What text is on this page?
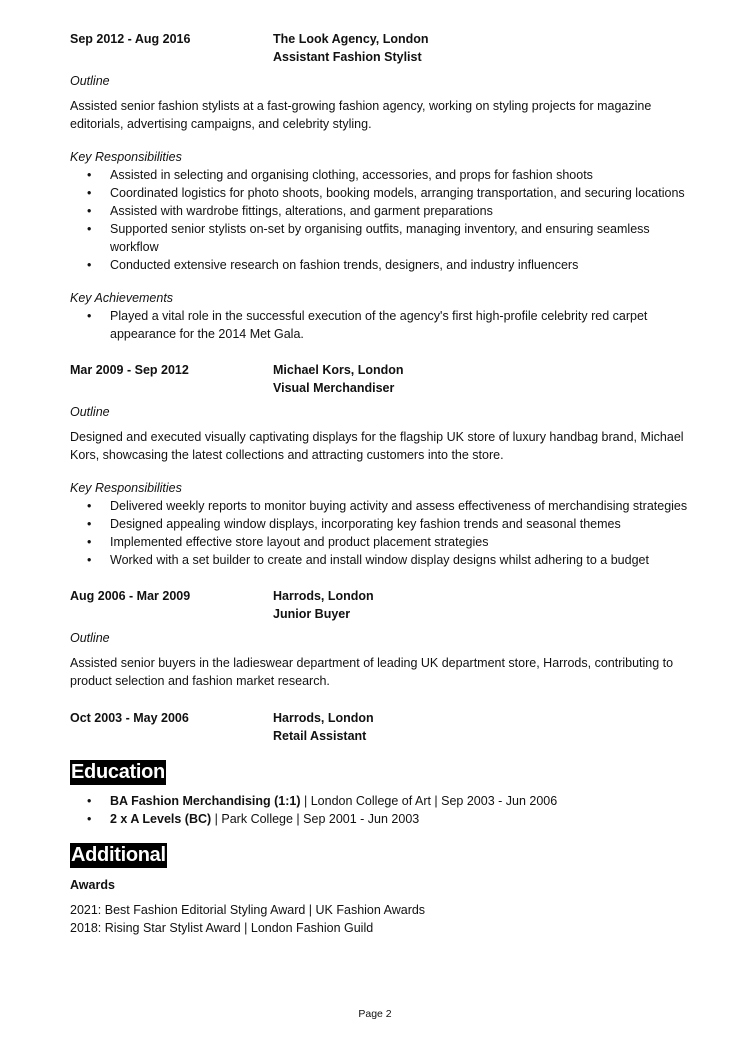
Sep 2012 - Aug 2016	The Look Agency, London
Assistant Fashion Stylist
Outline
Assisted senior fashion stylists at a fast-growing fashion agency, working on styling projects for magazine editorials, advertising campaigns, and celebrity styling.
Key Responsibilities
• Assisted in selecting and organising clothing, accessories, and props for fashion shoots
• Coordinated logistics for photo shoots, booking models, arranging transportation, and securing locations
• Assisted with wardrobe fittings, alterations, and garment preparations
• Supported senior stylists on-set by organising outfits, managing inventory, and ensuring seamless workflow
• Conducted extensive research on fashion trends, designers, and industry influencers
Key Achievements
• Played a vital role in the successful execution of the agency's first high-profile celebrity red carpet appearance for the 2014 Met Gala.
Mar 2009 - Sep 2012	Michael Kors, London
Visual Merchandiser
Outline
Designed and executed visually captivating displays for the flagship UK store of luxury handbag brand, Michael Kors, showcasing the latest collections and attracting customers into the store.
Key Responsibilities
• Delivered weekly reports to monitor buying activity and assess effectiveness of merchandising strategies
• Designed appealing window displays, incorporating key fashion trends and seasonal themes
• Implemented effective store layout and product placement strategies
• Worked with a set builder to create and install window display designs whilst adhering to a budget
Aug 2006 - Mar 2009	Harrods, London
Junior Buyer
Outline
Assisted senior buyers in the ladieswear department of leading UK department store, Harrods, contributing to product selection and fashion market research.
Oct 2003 - May 2006	Harrods, London
Retail Assistant
Education
• BA Fashion Merchandising (1:1) | London College of Art | Sep 2003 - Jun 2006
• 2 x A Levels (BC) | Park College | Sep 2001 - Jun 2003
Additional
Awards
2021: Best Fashion Editorial Styling Award | UK Fashion Awards
2018: Rising Star Stylist Award | London Fashion Guild
Page 2
